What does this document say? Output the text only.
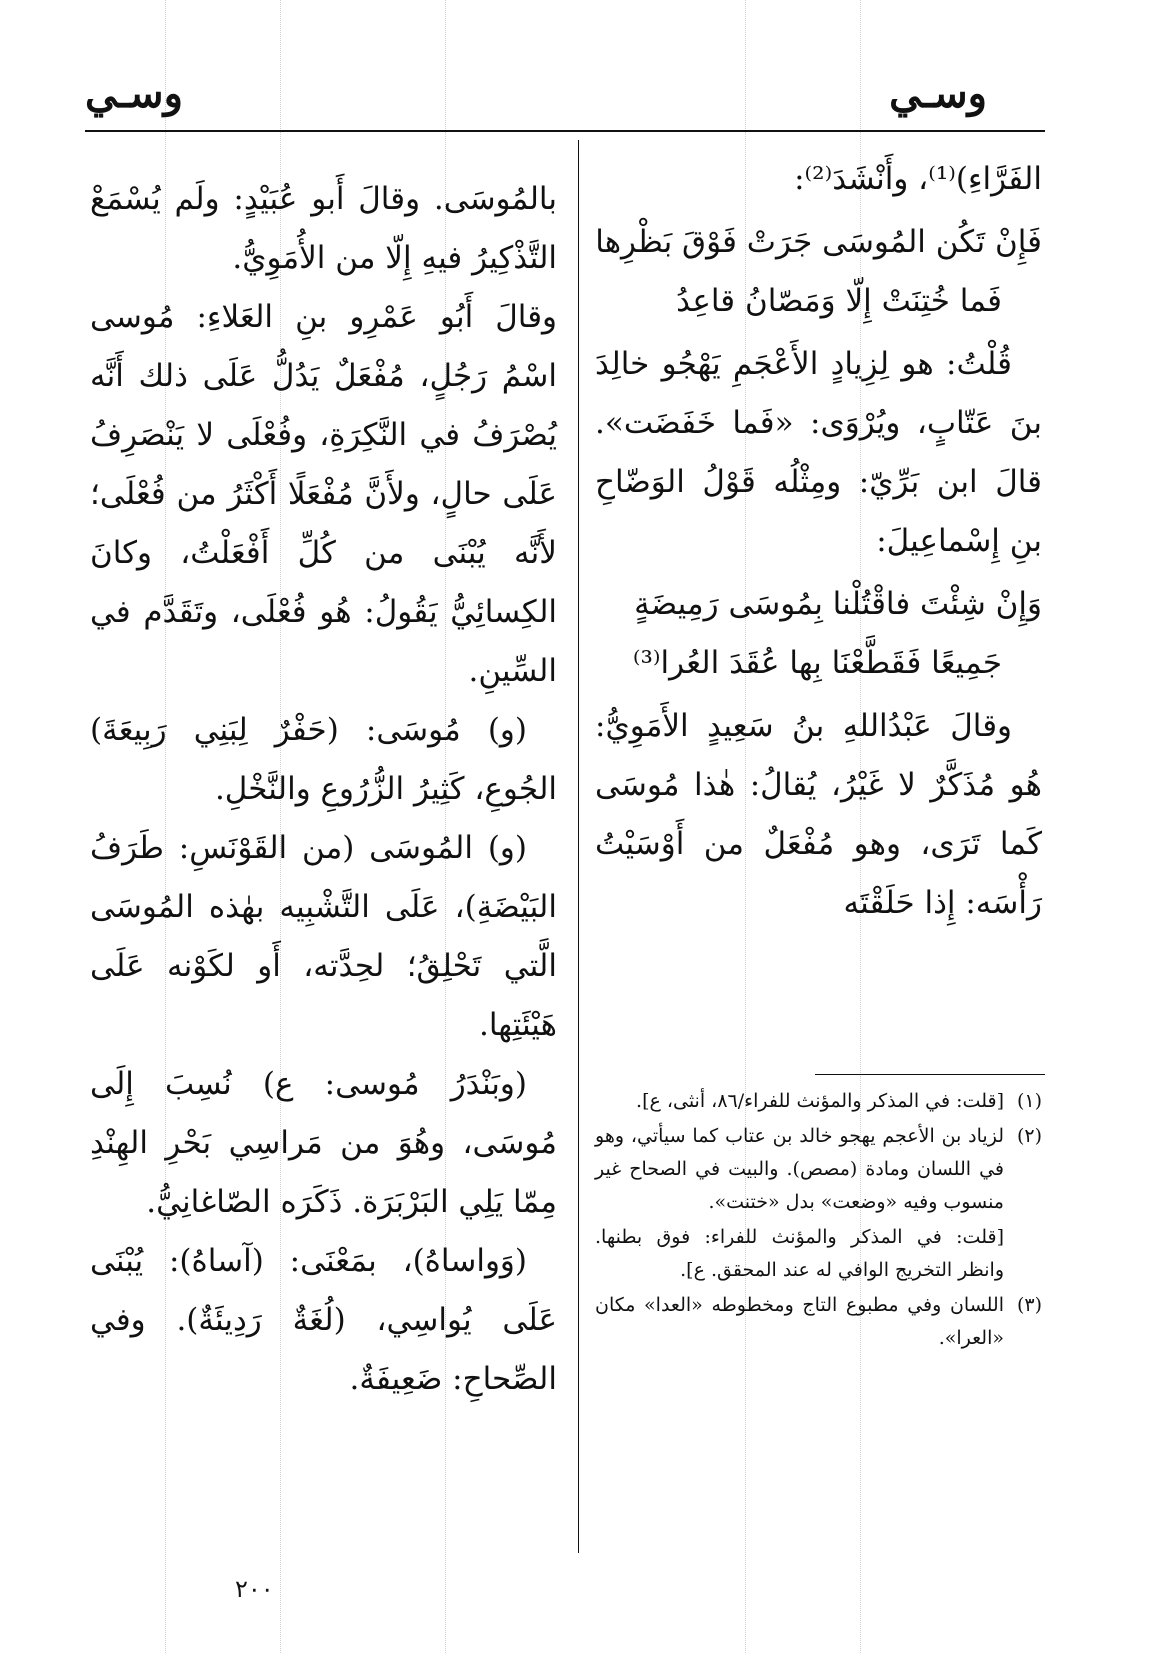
وسـي
وسـي

الفَرَّاءِ)⁽¹⁾، وأَنْشَدَ⁽²⁾:

فَإِنْ تَكُن المُوسَى جَرَتْ فَوْقَ بَظْرِها
فَما خُتِنَتْ إِلّا وَمَصّانُ قاعِدُ

قُلْتُ: هو لِزِيادٍ الأَعْجَمِ يَهْجُو خالِدَ بنَ عَتّابٍ، ويُرْوَى: «فَما خَفَضَت». قالَ ابن بَرِّيّ: ومِثْلُه قَوْلُ الوَضّاحِ بنِ إِسْماعِيلَ:

وَإِنْ شِئْتَ فاقْتُلْنا بِمُوسَى رَمِيضَةٍ
جَمِيعًا فَقَطَّعْنَا بِها عُقَدَ العُرا⁽³⁾

وقالَ عَبْدُاللهِ بنُ سَعِيدٍ الأَمَوِيُّ: هُو مُذَكَّرٌ لا غَيْرُ، يُقالُ: هٰذا مُوسَى كَما تَرَى، وهو مُفْعَلٌ من أَوْسَيْتُ رَأْسَه: إِذا حَلَقْتَه

بالمُوسَى. وقالَ أَبو عُبَيْدٍ: ولَم يُسْمَعْ التَّذْكِيرُ فيهِ إِلّا من الأُمَوِيُّ.

وقالَ أَبُو عَمْرِو بنِ العَلاءِ: مُوسى اسْمُ رَجُلٍ، مُفْعَلٌ يَدُلُّ عَلَى ذلك أَنَّه يُصْرَفُ في النَّكِرَةِ، وفُعْلَى لا يَنْصَرِفُ عَلَى حالٍ، ولأَنَّ مُفْعَلًا أَكْثَرُ من فُعْلَى؛ لأَنَّه يُبْنَى من كُلِّ أَفْعَلْتُ، وكانَ الكِسائِيُّ يَقُولُ: هُو فُعْلَى، وتَقَدَّم في السِّينِ.

(و) مُوسَى: (حَفْرٌ لِبَنِي رَبِيعَةَ) الجُوعِ، كَثِيرُ الزُّرُوعِ والنَّخْلِ.

(و) المُوسَى (من القَوْنَسِ: طَرَفُ البَيْضَةِ)، عَلَى التَّشْبِيه بهٰذه المُوسَى الَّتي تَحْلِقُ؛ لحِدَّته، أَو لكَوْنه عَلَى هَيْئَتِها.

(وبَنْدَرُ مُوسى: ع) نُسِبَ إِلَى مُوسَى، وهُوَ من مَراسِي بَحْرِ الهِنْدِ مِمّا يَلِي البَرْبَرَة. ذَكَرَه الصّاغانِيُّ.

(وَواساهُ)، بمَعْنَى: (آساهُ): يُبْنَى عَلَى يُواسِي، (لُغَةٌ رَدِيئَةٌ). وفي الصِّحاحِ: ضَعِيفَةٌ.

(١)
[قلت: في المذكر والمؤنث للفراء/٨٦، أنثى، ع].

(٢)
لزياد بن الأعجم يهجو خالد بن عتاب كما سيأتي، وهو في اللسان ومادة (مصص). والبيت في الصحاح غير منسوب وفيه «وضعت» بدل «ختنت».

[قلت: في المذكر والمؤنث للفراء: فوق بطنها. وانظر التخريج الوافي له عند المحقق. ع].

(٣)
اللسان وفي مطبوع التاج ومخطوطه «العدا» مكان «العرا».

٢٠٠
